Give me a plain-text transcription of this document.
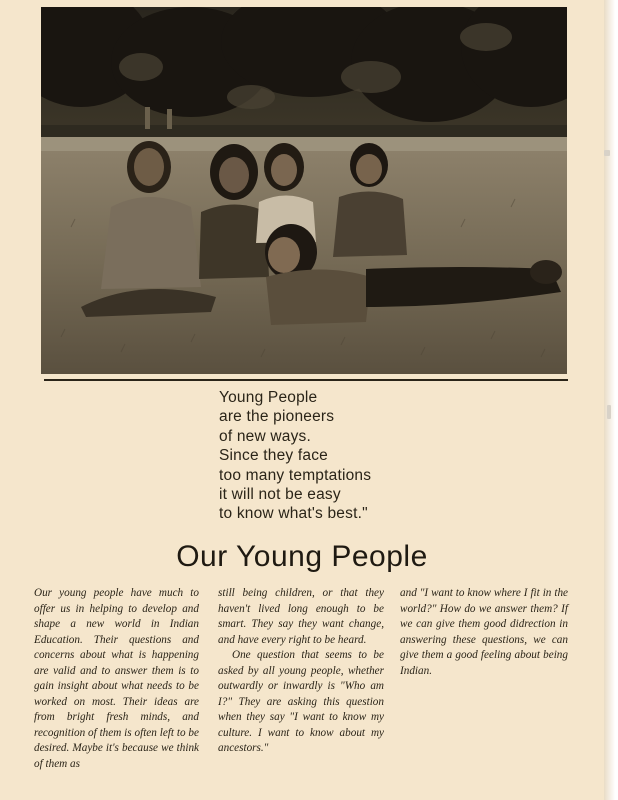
Young People
are the pioneers
of new ways.
Since they face
too many temptations
it will not be easy
to know what's best."
Our Young People

Our young people have much to offer us in helping to develop and shape a new world in Indian Education. Their questions and concerns about what is happening are valid and to answer them is to gain insight about what needs to be worked on most. Their ideas are from bright fresh minds, and recognition of them is often left to be desired. Maybe it's because we think of them as

still being children, or that they haven't lived long enough to be smart. They say they want change, and have every right to be heard.

One question that seems to be asked by all young people, whether outwardly or inwardly is "Who am I?" They are asking this question when they say "I want to know my culture. I want to know about my ancestors."

and "I want to know where I fit in the world?" How do we answer them? If we can give them good didrection in answering these questions, we can give them a good feeling about being Indian.
